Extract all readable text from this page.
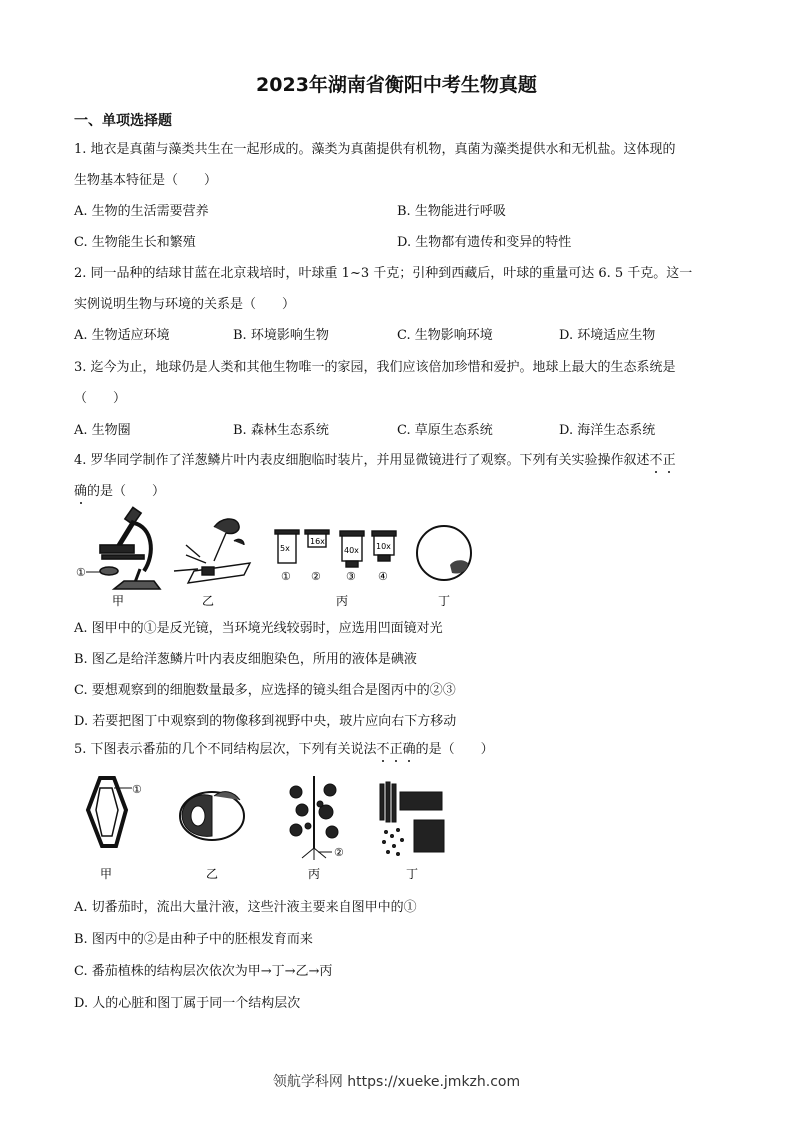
2023年湖南省衡阳中考生物真题
一、单项选择题
1. 地衣是真菌与藻类共生在一起形成的。藻类为真菌提供有机物，真菌为藻类提供水和无机盐。这体现的
生物基本特征是（　　）
A. 生物的生活需要营养	B. 生物能进行呼吸
C. 生物能生长和繁殖	D. 生物都有遗传和变异的特性
2. 同一品种的结球甘蓝在北京栽培时，叶球重 1~3 千克；引种到西藏后，叶球的重量可达 6. 5 千克。这一
实例说明生物与环境的关系是（　　）
A. 生物适应环境	B. 环境影响生物	C. 生物影响环境	D. 环境适应生物
3. 迄今为止，地球仍是人类和其他生物唯一的家园，我们应该倍加珍惜和爱护。地球上最大的生态系统是
（　　）
A. 生物圈	B. 森林生态系统	C. 草原生态系统	D. 海洋生态系统
4. 罗华同学制作了洋葱鳞片叶内表皮细胞临时装片，并用显微镜进行了观察。下列有关实验操作叙述不正
确的是（　　）
①
5x
16x
40x 10x
① ② ③ ④
甲	乙	丙	丁
A. 图甲中的①是反光镜，当环境光线较弱时，应选用凹面镜对光
B. 图乙是给洋葱鳞片叶内表皮细胞染色，所用的液体是碘液
C. 要想观察到的细胞数量最多，应选择的镜头组合是图丙中的②③
D. 若要把图丁中观察到的物像移到视野中央，玻片应向右下方移动
5. 下图表示番茄的几个不同结构层次，下列有关说法不正确的是（　　）
①
②
甲	乙	丙	丁
A. 切番茄时，流出大量汁液，这些汁液主要来自图甲中的①
B. 图丙中的②是由种子中的胚根发育而来
C. 番茄植株的结构层次依次为甲→丁→乙→丙
D. 人的心脏和图丁属于同一个结构层次
领航学科网 https://xueke.jmkzh.com
